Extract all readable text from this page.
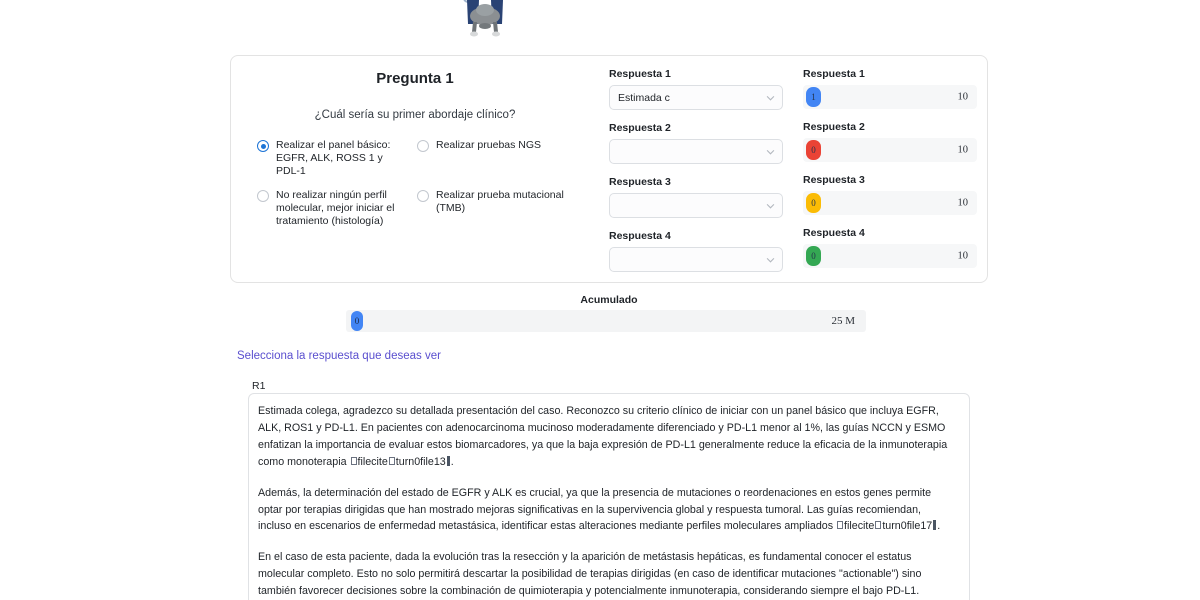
Pregunta 1

¿Cuál sería su primer abordaje clínico?

Realizar el panel básico: EGFR, ALK, ROSS 1 y PDL-1
Realizar pruebas NGS
No realizar ningún perfil molecular, mejor iniciar el tratamiento (histología)
Realizar prueba mutacional (TMB)
Respuesta 1
Estimada c
Respuesta 2
Respuesta 3
Respuesta 4
Respuesta 1
1	10
Respuesta 2
0	10
Respuesta 3
0	10
Respuesta 4
0	10
Acumulado
0	25 M
Selecciona la respuesta que deseas ver
R1

Estimada colega, agradezco su detallada presentación del caso. Reconozco su criterio clínico de iniciar con un panel básico que incluya EGFR, ALK, ROS1 y PD-L1. En pacientes con adenocarcinoma mucinoso moderadamente diferenciado y PD-L1 menor al 1%, las guías NCCN y ESMO enfatizan la importancia de evaluar estos biomarcadores, ya que la baja expresión de PD-L1 generalmente reduce la eficacia de la inmunoterapia como monoterapia filecite turn0file13 .

Además, la determinación del estado de EGFR y ALK es crucial, ya que la presencia de mutaciones o reordenaciones en estos genes permite optar por terapias dirigidas que han mostrado mejoras significativas en la supervivencia global y respuesta tumoral. Las guías recomiendan, incluso en escenarios de enfermedad metastásica, identificar estas alteraciones mediante perfiles moleculares ampliados filecite turn0file17 .

En el caso de esta paciente, dada la evolución tras la resección y la aparición de metástasis hepáticas, es fundamental conocer el estatus molecular completo. Esto no solo permitirá descartar la posibilidad de terapias dirigidas (en caso de identificar mutaciones "actionable") sino también favorecer decisiones sobre la combinación de quimioterapia y potencialmente inmunoterapia, considerando siempre el bajo PD-L1.
